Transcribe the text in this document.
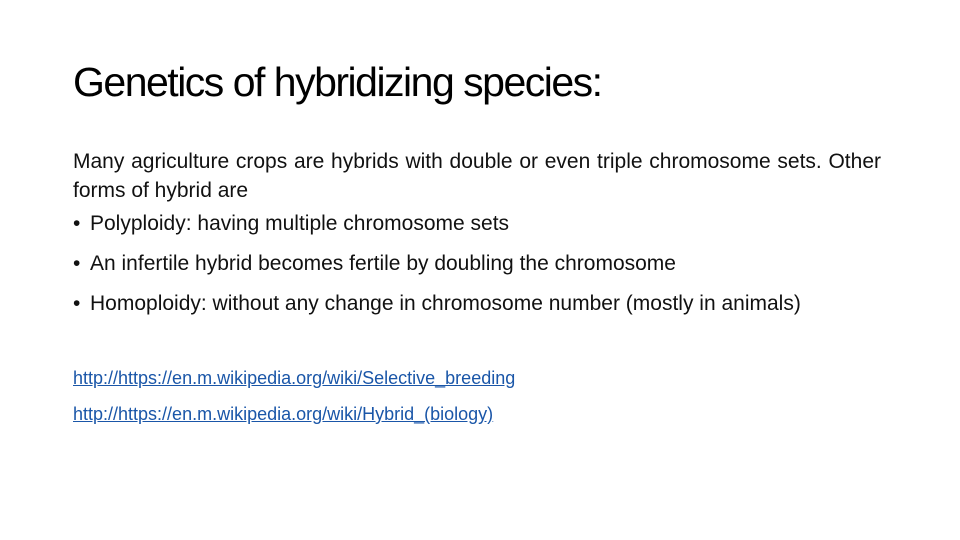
Genetics of hybridizing species:

Many agriculture crops are hybrids with double or even triple chromosome sets. Other forms of hybrid are

• Polyploidy: having multiple chromosome sets
• An infertile hybrid becomes fertile by doubling the chromosome
• Homoploidy: without any change in chromosome number (mostly in animals)
http://https://en.m.wikipedia.org/wiki/Selective_breeding
http://https://en.m.wikipedia.org/wiki/Hybrid_(biology)
